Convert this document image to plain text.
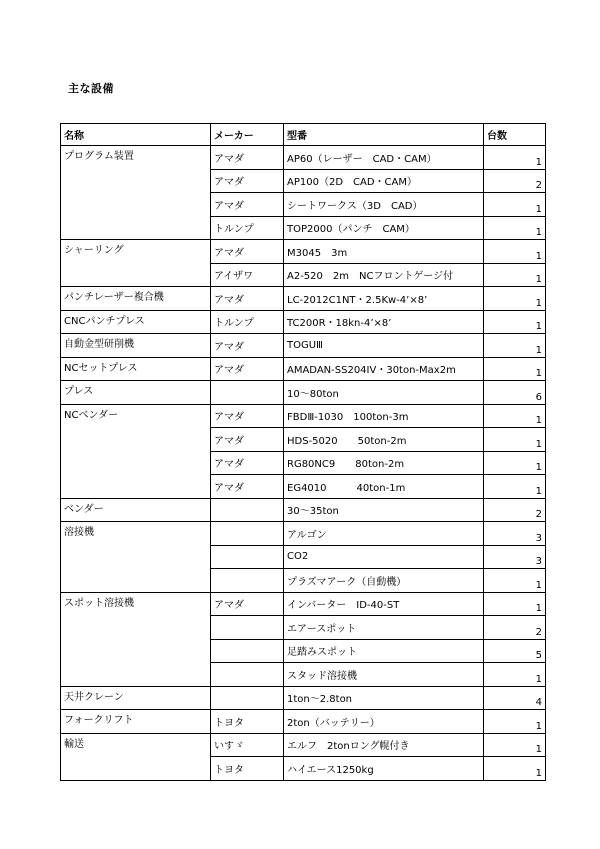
主な設備
名称	メーカー	型番	台数
プログラム装置	アマダ	AP60（レーザー　CAD・CAM）	1
	アマダ	AP100（2D　CAD・CAM）	2
	アマダ	シートワークス（3D　CAD）	1
	トルンプ	TOP2000（パンチ　CAM）	1
シャーリング	アマダ	M3045　3m	1
	アイザワ	A2-520　2m　NCフロントゲージ付	1
パンチレーザー複合機	アマダ	LC-2012C1NT・2.5Kw-4’×8’	1
CNCパンチプレス	トルンプ	TC200R・18kn-4’×8’	1
自動金型研削機	アマダ	TOGUⅢ	1
NCセットプレス	アマダ	AMADAN-SS204IV・30ton-Max2m	1
プレス		10～80ton	6
NCベンダー	アマダ	FBDⅢ-1030　100ton-3m	1
	アマダ	HDS-5020　　50ton-2m	1
	アマダ	RG80NC9　　80ton-2m	1
	アマダ	EG4010　　　40ton-1m	1
ベンダー		30～35ton	2
溶接機		アルゴン	3
		CO2	3
		プラズマアーク（自動機）	1
スポット溶接機	アマダ	インバーター　ID-40-ST	1
		エアースポット	2
		足踏みスポット	5
		スタッド溶接機	1
天井クレーン		1ton～2.8ton	4
フォークリフト	トヨタ	2ton（バッテリー）	1
輸送	いすゞ	エルフ　2tonロング幌付き	1
	トヨタ	ハイエース1250kg	1
